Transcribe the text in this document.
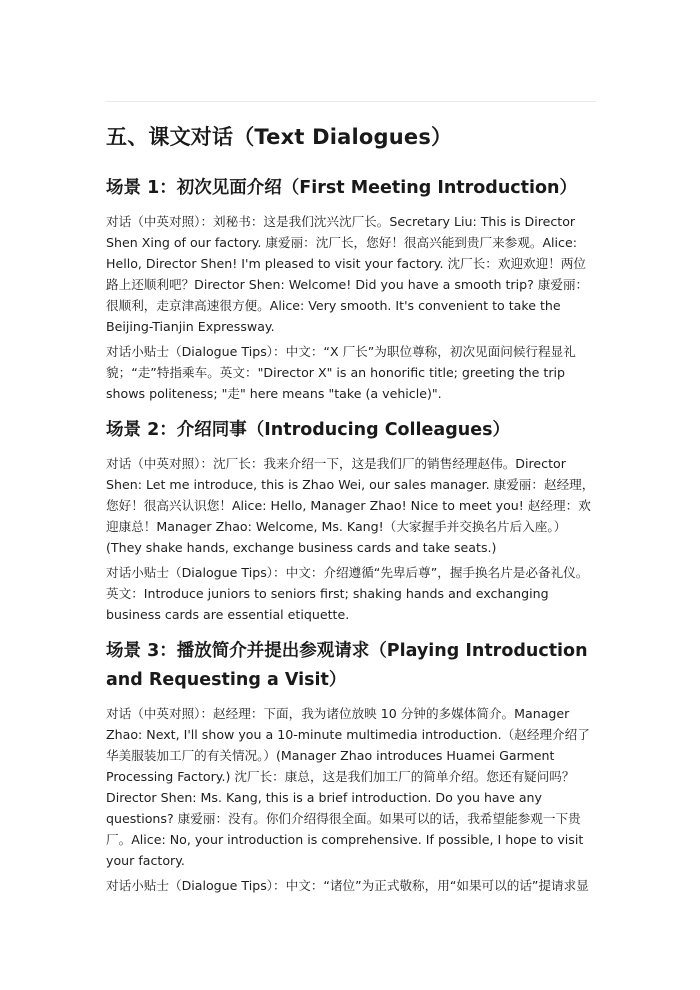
五、课文对话（Text Dialogues）
场景 1：初次见面介绍（First Meeting Introduction）

对话（中英对照）：刘秘书：这是我们沈兴沈厂长。Secretary Liu: This is Director Shen Xing of our factory. 康爱丽：沈厂长，您好！很高兴能到贵厂来参观。Alice: Hello, Director Shen! I'm pleased to visit your factory. 沈厂长：欢迎欢迎！两位路上还顺利吧？Director Shen: Welcome! Did you have a smooth trip? 康爱丽：很顺利，走京津高速很方便。Alice: Very smooth. It's convenient to take the Beijing-Tianjin Expressway.

对话小贴士（Dialogue Tips）：中文：“X 厂长”为职位尊称，初次见面问候行程显礼貌；“走”特指乘车。英文："Director X" is an honorific title; greeting the trip shows politeness; "走" here means "take (a vehicle)".

场景 2：介绍同事（Introducing Colleagues）

对话（中英对照）：沈厂长：我来介绍一下，这是我们厂的销售经理赵伟。Director Shen: Let me introduce, this is Zhao Wei, our sales manager. 康爱丽：赵经理，您好！很高兴认识您！Alice: Hello, Manager Zhao! Nice to meet you! 赵经理：欢迎康总！Manager Zhao: Welcome, Ms. Kang!（大家握手并交换名片后入座。）(They shake hands, exchange business cards and take seats.)

对话小贴士（Dialogue Tips）：中文：介绍遵循“先卑后尊”，握手换名片是必备礼仪。英文：Introduce juniors to seniors first; shaking hands and exchanging business cards are essential etiquette.

场景 3：播放简介并提出参观请求（Playing Introduction and Requesting a Visit）

对话（中英对照）：赵经理：下面，我为诸位放映 10 分钟的多媒体简介。Manager Zhao: Next, I'll show you a 10-minute multimedia introduction.（赵经理介绍了华美服装加工厂的有关情况。）(Manager Zhao introduces Huamei Garment Processing Factory.) 沈厂长：康总，这是我们加工厂的简单介绍。您还有疑问吗？Director Shen: Ms. Kang, this is a brief introduction. Do you have any questions? 康爱丽：没有。你们介绍得很全面。如果可以的话，我希望能参观一下贵厂。Alice: No, your introduction is comprehensive. If possible, I hope to visit your factory.

对话小贴士（Dialogue Tips）：中文：“诸位”为正式敬称，用“如果可以的话”提请求显
